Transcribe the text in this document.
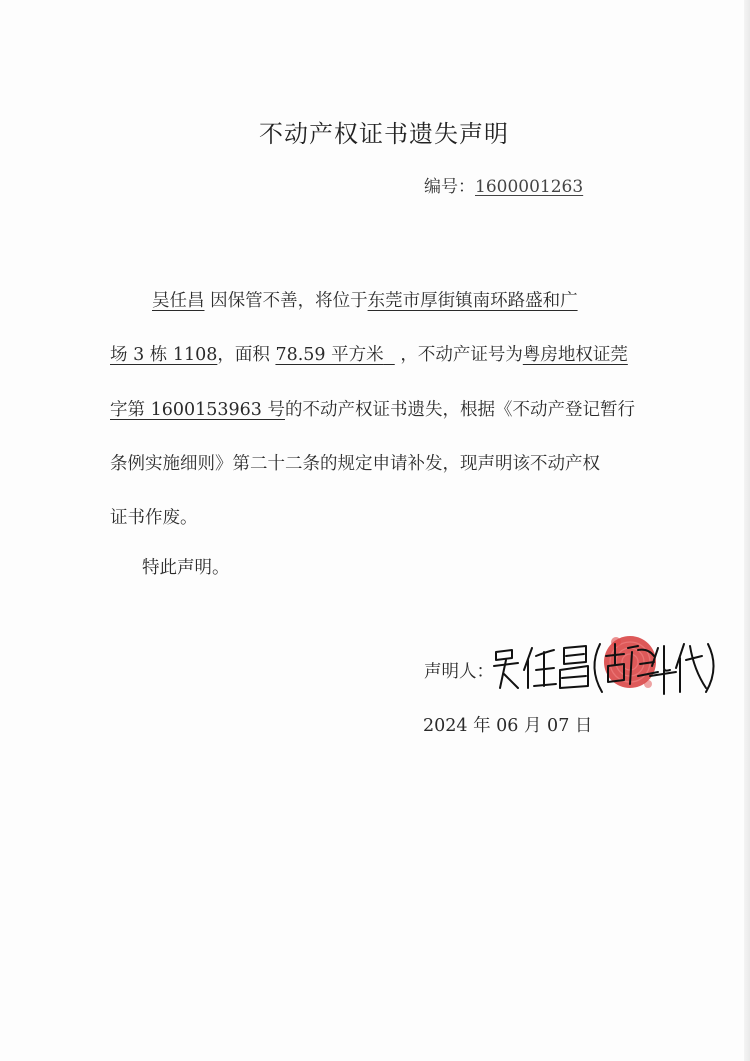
不动产权证书遗失声明
编号：1600001263
吴任昌 因保管不善，将位于东莞市厚街镇南环路盛和广
场 3 栋 1108，面积 78.59 平方米 ，不动产证号为粤房地权证莞
字第 1600153963 号的不动产权证书遗失，根据《不动产登记暂行
条例实施细则》第二十二条的规定申请补发，现声明该不动产权
证书作废。
特此声明。
声明人：
2024 年 06 月 07 日
